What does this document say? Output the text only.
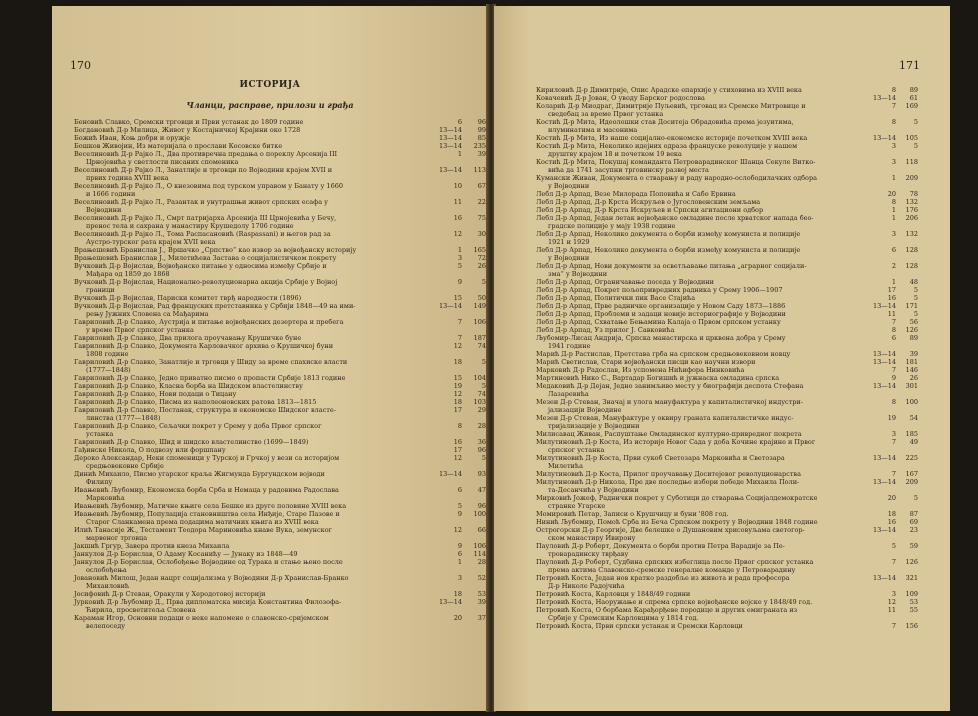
170
ИСТОРИЈА
Чланци, расправе, прилози и грађа
Беновић Славко, Сремски трговци и Први устанак до 1809 године	6 96
Богдановић Д-р Милица, Живот у Костајничкој Крајини око 1728	13—14 99
Божић Иван, Коњ добри и оружје	13—14 85
Бошков Живојин, Из материјала о прослави Косовске битке	13—14 235
Веселиновић Д-р Рајко Л., Два противречна предања о пореклу Арсенија III
Црнојевића у светлости писаних споменика
1 39
Веселиновић Д-р Рајко Л., Занатлије и трговци по Војводини крајем XVII и
првих година XVIII века
13—14 113
Веселиновић Д-р Рајко Л., О кнезовима под турском управом у Банату у 1660
и 1666 години
10 67
Веселиновић Д-р Рајко Л., Разантак и унутрашњи живот српских есафа у
Војводини
11 22
Веселиновић Д-р Рајко Л., Смрт патријарха Арсенија III Црнојевића у Бечу,
пренос тела и сахрана у манастиру Крушедолу 1706 године
16 75
Веселиновић Д-р Рајко Л., Тома Распасановић (Raspassani) и његов рад за
Аустро-турског рата крајем XVII века
12 30
Врањешевић Бранислав Ј., Вршачко „Српство“ као извор за војвођанску историју	1 165
Врањешевић Бранислав Ј., Милетићева Застава о социјалистичком покрету	3 72
Вучковић Д-р Војислав, Војвођанско питање у односима између Србије и
Мађара од 1859 до 1868
5 26
Вучковић Д-р Војислав, Национално-револуционарна акција Србије у Војној
граници
9	5
Вучковић Д-р Војислав, Париски комитет тврђ народности (1896)	15 50
Вучковић Д-р Војислав, Рад француских претставника у Србији 1848—49 на ими-
рењу Јужних Словена са Мађарима
13—14 149
Гавриловић Д-р Славко, Аустрија и питање војвођанских дезертера и пребега
у време Првог српског устанка
7 106
Гавриловић Д-р Славко, Два прилога проучавању Крушичке буне	7 187
Гавриловић Д-р Славко, Документа Карловачког архива о Крушичкој буни
1808 године
12 74
Гавриловић Д-р Славко, Занатлије и трговци у Шиду за време спахиске власти
(1777—1848)
18	5
Гавриловић Д-р Славко, Једно приватно писмо о пропасти Србије 1813 године	15 104
Гавриловић Д-р Славко, Класна борба на Шидском властелинству	19	5
Гавриловић Д-р Славко, Нови подаци о Тицану	12 74
Гавриловић Д-р Славко, Писма из наполеоновских ратова 1813—1815	18 103
Гавриловић Д-р Славко, Постанак, структура и економске Шидског власте-
линства (1777—1848)
17 29
Гавриловић Д-р Славко, Сељачки покрет у Срему у доба Првог српског
устанка
8 28
Гавриловић Д-р Славко, Шид и шидско властелинство (1699—1849)	16 36
Гађинске Никола, О подвозу или форшпану	17 96
Дероко Александар, Неки споменици у Турској и Грчкој у вези са историјом
средњовековне Србије
12	5
Динић Михаило, Писмо угарског краља Жигмунда Бургундском војводи
Филипу
13—14 93
Ивањевић Љубомир, Економска борба Срба и Немаца у радовима Радослава
Марковића
6 47
Ивањевић Љубомир, Матичне књиге села Бешке из друге половине XVIII века	5 96
Ивањевић Љубомир, Популација становништва села Инђије, Старе Пазове и
Старог Сланкамена према подацима матичних књига из XVIII века
9 100
Илић Танасије Ж., Тестамент Теодора Мариновића кнаве Вука, земунског
марвеног трговца
12 66
Јакшић Гргур, Завера против кнеза Михаила	9 106
Јанкулов Д-р Борислав, О Адаму Косанићу — Јунаку из 1848—49	6 114
Јанкулов Д-р Борислав, Ослобођење Војводине од Турака и стање њено после
ослобођења
1 28
Јовановић Милош, Један нацрт социјализма у Војводини Д-р Хранислав-Бранко
Михаиловић
3 52
Јосифовић Д-р Стеван, Оракули у Херодотовој историји	18 53
Јурковић Д-р Љубомир Д., Прва дипломатска мисија Константина Филозофа-
Ћирила, просветитеља Словена
13—14 39
Караман Игор, Основни подаци о неке напомене о славонско-сријемском
велепоседу
20 37
171
Кириловић Д-р Димитрије, Опис Арадске епархије у стиховима из XVIII века	8 89
Ковачевић Д-р Јован, О уводу Барског родослова	13—14 61
Коларић Д-р Миодраг, Димитрије Пуљевић, трговац из Сремске Митровице и
сведебац за време Првог устанка
7 169
Костић Д-р Мита, Идеолошки став Доситеја Обрадовића према језуитима,
илуминатима и масонима
8	5
Костић Д-р Мита, Из наше социјално-економске историје почетком XVIII века	13—14 105
Костић Д-р Мита, Неколико идејних одраза француске револуције у нашем
друштву крајем 18 и почетком 19 века
3	5
Костић Д-р Мита, Покушај команданта Петроварадинског Шанца Секуле Витко-
вића да 1741 засупни трговинску развој места
3 118
Кумански Живан, Документа о стварању и раду народно-ослободилачких одбора
у Војводини
1 209
Лебл Д-р Арпад, Везе Милорада Поповића и Сабо Ервина	20 78
Лебл Д-р Арпад, Д-р Крста Искруљев о Југословенским земљама	8 132
Лебл Д-р Арпад, Д-р Крста Искруљев и Српски агитациони одбор	1 176
Лебл Д-р Арпад, Један летак војвођанске омладине после хрватског напада бео-
градске полиције у мају 1938 године
1 206
Лебл Д-р Арпад, Неколико документа о борби између комуниста и полиције
1921 и 1929
3 132
Лебл Д-р Арпад, Неколико документа о борби између комуниста и полиције
у Војводини
6 128
Лебл Д-р Арпад, Нови документи за осветљавање питања „аграрног социјали-
зма“ у Војводини
2 128
Лебл Д-р Арпад, Ограничавање поседа у Војводини	1 48
Лебл Д-р Арпад, Покрет пољопривредних радника у Срему 1906—1907	17	5
Лебл Д-р Арпад, Политички пик Васе Стајића	16	5
Лебл Д-р Арпад, Прве радничке организације у Новом Саду 1873—1886	13—14 171
Лебл Д-р Арпад, Проблеми и задаци новије историографије у Војводини	11	5
Лебл Д-р Арпад, Схватање Бењамина Калаја о Првом српском устанку	7 56
Лебл Д-р Арпад, Уз прилог Ј. Савковића	8 126
Љубомир-Лисац Андрија, Српска манастирска и црквена добра у Срему
1941 године
6 89
Марић Д-р Растислав, Претстава грба на српском средњовековном новцу	13—14 39
Марић Светислав, Стари војвођански писци као научни извори	13—14 181
Марковић Д-р Радослав, Из успомена Нићифора Нинковића	7 146
Мартиновић Нико С., Вартадар Богишић и јужнаска омладина српска	9 26
Медаковић Д-р Дејан, Једно занимљиво месту у биографији деспота Стефана
Лазаревића
13—14 301
Мезеи Д-р Стеван, Значај и улога мануфактура у капиталистичкој индустри-
јализацији Војводине
8 100
Мезеи Д-р Стеван, Мануфактуре у оквиру граната капиталистичке индус-
тријализације у Војводини
19 54
Милисавац Живан, Распуштање Омладинског културно-привредног покрета	3 185
Милутиновић Д-р Коста, Из историје Новог Сада у доба Кочине крајине и Првог
српског устанка
7 49
Милутиновић Д-р Коста, Први сукоб Светозара Марковића и Светозара
Милетића
13—14 225
Милутиновић Д-р Коста, Прилог проучавању Доситејевог револуционарства	7 167
Милутиновић Д-р Никола, Пре две последње избори победе Михаила Поли-
та-Десанчића у Војводини
13—14 209
Мирковић Јожеф, Раднички покрет у Суботици до стварања Социјалдемократске
странке Угарске
20	5
Момировић Петар, Записи о Крушчицу и буни '808 год.	18 87
Нинић Љубомир, Помоћ Срба из Беча Српском покрету у Војводини 1848 године	16 69
Острогорски Д-р Георгије, Две белешке о Душановим хрисовуљама светогор-
ском манастиру Ивирону
13—14 23
Пауловић Д-р Роберт, Документа о борби против Петра Варадије за Пе-
троварадинску тврђаву
5 59
Пауловић Д-р Роберт, Судбина српских избеглица после Првог српског устанка
према актима Славонско-сремске генералне команде у Петроварадину
7 126
Петровић Коста, Један нов кратко раздобље из живота и рада професора
Д-р Николе Радојчића
13—14 321
Петровић Коста, Карловци у 1848/49 години	3 109
Петровић Коста, Наоружање и спрема српске војвођанске војске у 1848/49 год.	12 53
Петровић Коста, О борбама Карађорђеве породице и других емиграната из
Србије у Сремским Карловцима у 1814 год.
11 55
Петровић Коста, Први српски устанак и Сремски Карловци	7 156
